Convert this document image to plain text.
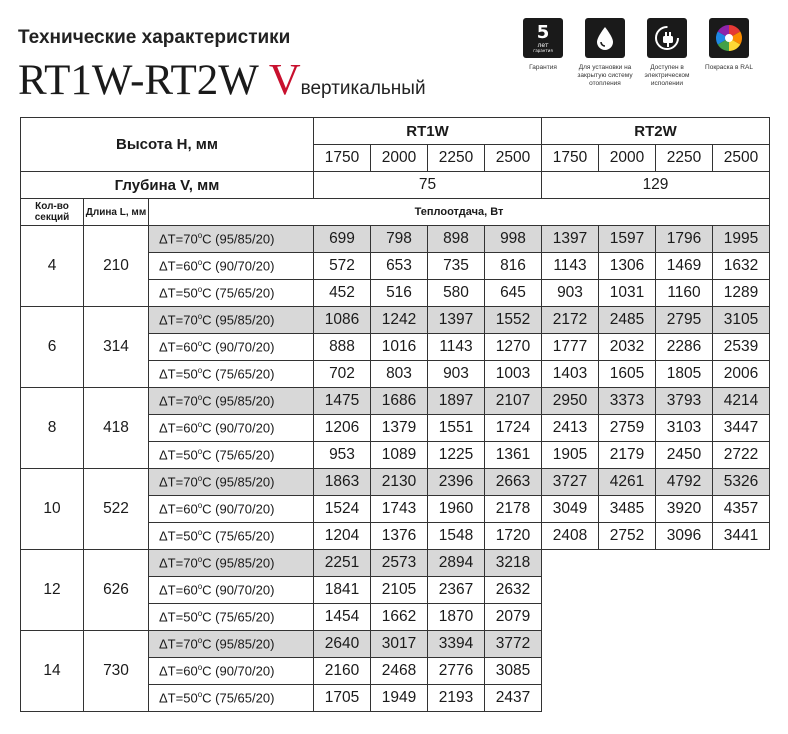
Технические характеристики
RT1W-RT2W Vвертикальный
5
лет
гарантия
Гарантия	Для установки на закрытую систему отопления
Доступен в электрическом исполении
Покраска в RAL
Высота Н, мм			RT1W				RT2W			
			1750	2000	2250	2500	1750	2000	2250	2500
Глубина V, мм			75				129			
Кол-во секций	Длина L, мм	Теплоотдача, Вт								
4	210	$\Delta T=70^oC$ (95/85/20)	699	798	898	998	1397	1597	1796	1995
		$\Delta T=60^oC$ (90/70/20)	572	653	735	816	1143	1306	1469	1632
		$\Delta T=50^oC$ (75/65/20)	452	516	580	645	903	1031	1160	1289
6	314	$\Delta T=70^oC$ (95/85/20)	1086	1242	1397	1552	2172	2485	2795	3105
		$\Delta T=60^oC$ (90/70/20)	888	1016	1143	1270	1777	2032	2286	2539
		$\Delta T=50^oC$ (75/65/20)	702	803	903	1003	1403	1605	1805	2006
8	418	$\Delta T=70^oC$ (95/85/20)	1475	1686	1897	2107	2950	3373	3793	4214
		$\Delta T=60^oC$ (90/70/20)	1206	1379	1551	1724	2413	2759	3103	3447
		$\Delta T=50^oC$ (75/65/20)	953	1089	1225	1361	1905	2179	2450	2722
10	522	$\Delta T=70^oC$ (95/85/20)	1863	2130	2396	2663	3727	4261	4792	5326
		$\Delta T=60^oC$ (90/70/20)	1524	1743	1960	2178	3049	3485	3920	4357
		$\Delta T=50^oC$ (75/65/20)	1204	1376	1548	1720	2408	2752	3096	3441
12	626	$\Delta T=70^oC$ (95/85/20)	2251	2573	2894	3218				
		$\Delta T=60^oC$ (90/70/20)	1841	2105	2367	2632				
		$\Delta T=50^oC$ (75/65/20)	1454	1662	1870	2079				
14	730	$\Delta T=70^oC$ (95/85/20)	2640	3017	3394	3772				
		$\Delta T=60^oC$ (90/70/20)	2160	2468	2776	3085				
		$\Delta T=50^oC$ (75/65/20)	1705	1949	2193	2437				
